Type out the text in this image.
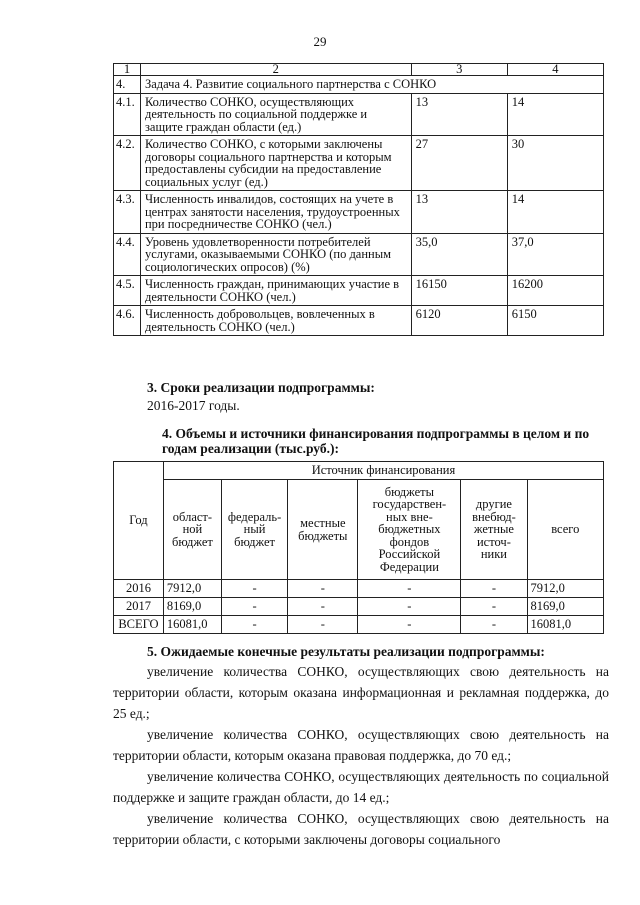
29
1	2	3	4
4.	Задача 4. Развитие социального партнерства с СОНКО		
4.1.	Количество СОНКО, осуществляющих деятельность по социальной поддержке и защите граждан области (ед.)	13	14
4.2.	Количество СОНКО, с которыми заключены договоры социального партнерства и которым предоставлены субсидии на предоставление социальных услуг (ед.)	27	30
4.3.	Численность инвалидов, состоящих на учете в центрах занятости населения, трудоустроенных при посредничестве СОНКО (чел.)	13	14
4.4.	Уровень удовлетворенности потребителей услугами, оказываемыми СОНКО (по данным социологических опросов) (%)	35,0	37,0
4.5.	Численность граждан, принимающих участие в деятельности СОНКО (чел.)	16150	16200
4.6.	Численность добровольцев, вовлеченных в деятельность СОНКО (чел.)	6120	6150
3. Сроки реализации подпрограммы:
2016-2017 годы.
4. Объемы и источники финансирования подпрограммы в целом и по годам реализации (тыс.руб.):
Год	Источник финансирования					
	област-ной бюджет	федераль-ный бюджет	местные бюджеты	бюджеты государствен-ных вне-бюджетных фондов Российской Федерации	другие внебюд-жетные источ-ники	всего
2016	7912,0	-	-	-	-	7912,0
2017	8169,0	-	-	-	-	8169,0
ВСЕГО	16081,0	-	-	-	-	16081,0
5. Ожидаемые конечные результаты реализации подпрограммы:
увеличение количества СОНКО, осуществляющих свою деятельность на территории области, которым оказана информационная и рекламная поддержка, до 25 ед.;
увеличение количества СОНКО, осуществляющих свою деятельность на территории области, которым оказана правовая поддержка, до 70 ед.;
увеличение количества СОНКО, осуществляющих деятельность по социальной поддержке и защите граждан области, до 14 ед.;
увеличение количества СОНКО, осуществляющих свою деятельность на территории области, с которыми заключены договоры социального
